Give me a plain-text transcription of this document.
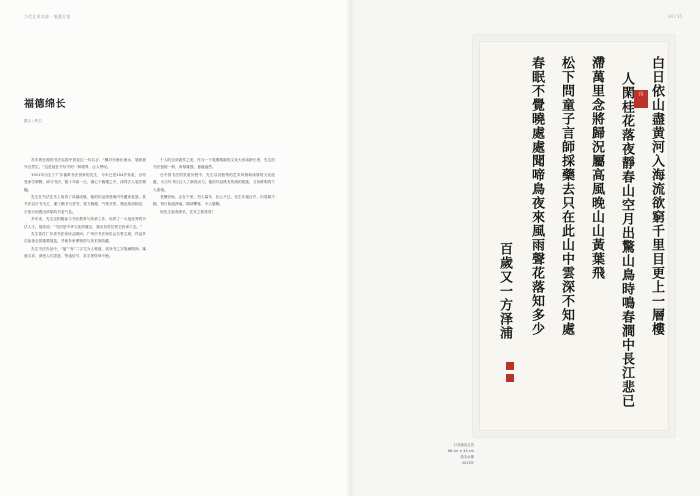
当代艺术名家 · 笔墨方家
福德绵长
撰文 / 佚名

苏东坡在他的书法实践中曾说过一句名言：“横对东海长流水，笔纵意外自然生。”这是他在书写中的一种境界，让人赞叹。

1911年出生于广东番禺书法世家的先生，今年已是104岁寿星，自幼受家学熏陶，研习书法，数十年如一日，潜心于翰墨之中，深得古人笔法精髓。

先生在书法艺术上取得了卓越成就，他的作品深受海内外藏家喜爱。其书法以行书为主，兼工楷书与隶书，笔力雄健，气势开张，墨色浓淡相宜，字里行间透出浓厚的书卷气息。

多年来，先生还积极参与书法教育与传承工作，培养了一大批优秀的书法人才。他常说：“书法是中华文化的瑰宝，我们有责任把它传承下去。”

先生曾任广东省书法家协会顾问，广州市书法家协会名誉主席，作品多次参加全国重要展览，并被多家博物馆与美术馆收藏。

先生书法作品中，“福”“寿”二字尤为人称道，其所书之字饱满圆润，寓意吉祥，深受人们喜爱，每逢佳节，求字者络绎不绝。

个人的全部创作之美，作为一个笔墨精湛的文化大家高龄长者，先生的书法独树一帜，浑厚雄强，意趣盎然。

在中国书法的发展历程中，先生以其独特的艺术风格和深厚的文化底蕴，为当代书坛注入了新的活力。他的作品既有传统的根基，又有鲜明的个人面貌。

老骥伏枥，志在千里。烈士暮年，壮心不已。先生年逾百岁，仍笔耕不辍，每日临池挥毫，精神矍铄，令人敬佩。

祝先生福寿绵长，艺术之树常青！

34 / 35
白日依山盡黄河入海流欲窮千里目更上一層樓
人閑桂花落夜靜春山空月出驚山鳥時鳴春澗中長江悲已
滯萬里念將歸況屬高風晚山山黃葉飛
松下問童子言師採藥去只在此山中雲深不知處
春眠不覺曉處處聞啼鳥夜來風雨聲花落知多少
百歲又一方泽浦
印
行书唐诗五首
68 cm × 45 cm
纸本水墨
2015年
